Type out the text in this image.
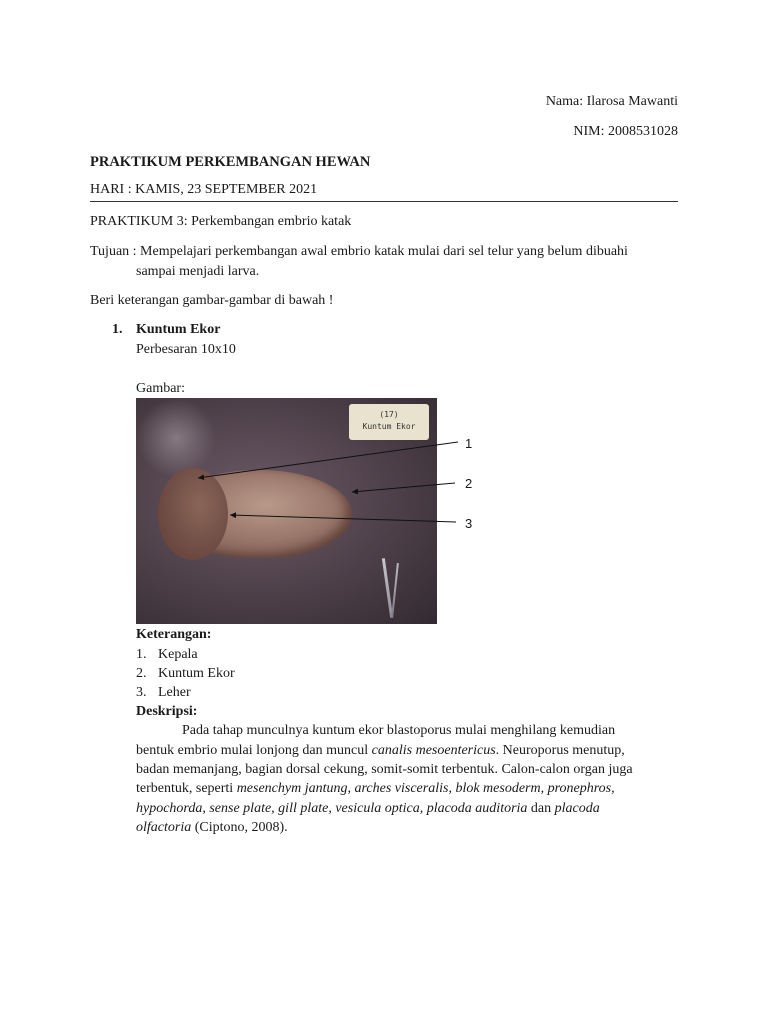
Nama: Ilarosa Mawanti
NIM: 2008531028
PRAKTIKUM PERKEMBANGAN HEWAN
HARI : KAMIS, 23 SEPTEMBER 2021
PRAKTIKUM 3: Perkembangan embrio katak
Tujuan : Mempelajari perkembangan awal embrio katak mulai dari sel telur yang belum dibuahi
sampai menjadi larva.
Beri keterangan gambar-gambar di bawah !
1. Kuntum Ekor
Perbesaran 10x10
Gambar:
(17)
Kuntum Ekor
1
2
3
Keterangan:
1. Kepala
2. Kuntum Ekor
3. Leher
Deskripsi:
Pada tahap munculnya kuntum ekor blastoporus mulai menghilang kemudian
bentuk embrio mulai lonjong dan muncul canalis mesoentericus. Neuroporus menutup,
badan memanjang, bagian dorsal cekung, somit-somit terbentuk. Calon-calon organ juga
terbentuk, seperti mesenchym jantung, arches visceralis, blok mesoderm, pronephros,
hypochorda, sense plate, gill plate, vesicula optica, placoda auditoria dan placoda
olfactoria (Ciptono, 2008).
